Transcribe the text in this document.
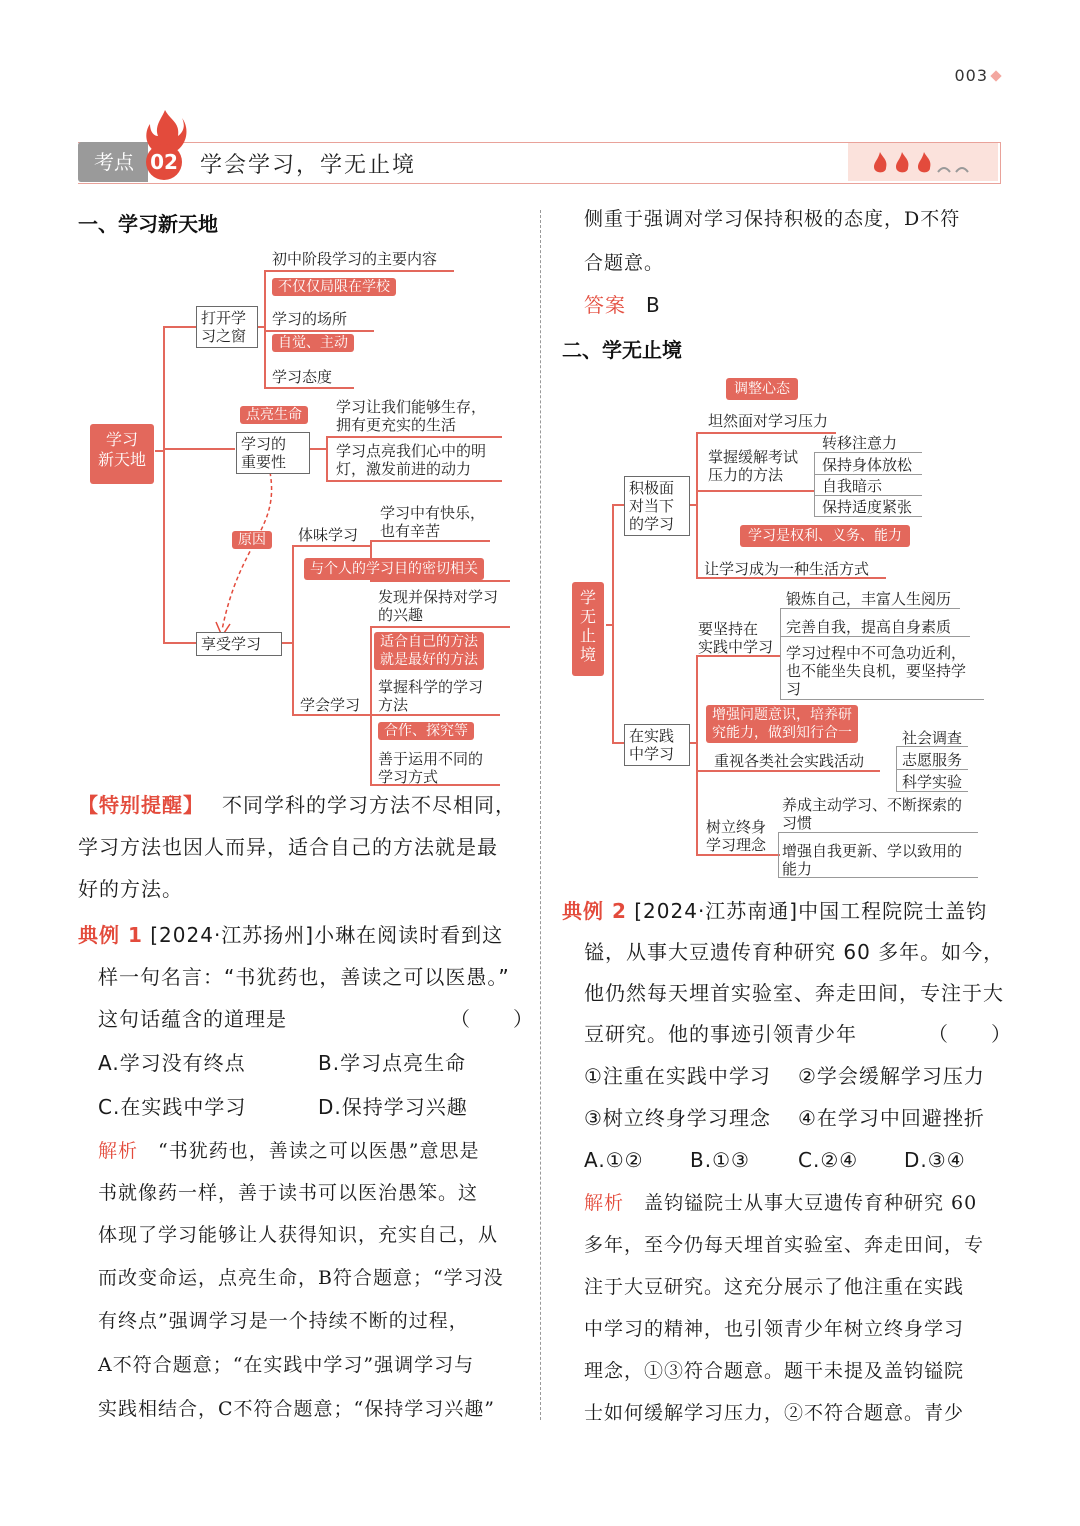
003
考点 02 学会学习，学无止境
一、学习新天地
学习
新天地
打开学
习之窗
初中阶段学习的主要内容
不仅仅局限在学校
学习的场所
自觉、主动
学习态度
点亮生命
学习的
重要性
学习让我们能够生存，
拥有更充实的生活
学习点亮我们心中的明
灯，激发前进的动力
原因
享受学习
体味学习
学习中有快乐，
也有辛苦
与个人的学习目的密切相关
发现并保持对学习
的兴趣
学会学习
适合自己的方法
就是最好的方法
掌握科学的学习
方法
合作、探究等
善于运用不同的
学习方式
【特别提醒】 不同学科的学习方法不尽相同，
学习方法也因人而异，适合自己的方法就是最
好的方法。
典例 1 [2024·江苏扬州]小琳在阅读时看到这
样一句名言：“书犹药也，善读之可以医愚。”
这句话蕴含的道理是	（　　）
A.学习没有终点	B.学习点亮生命
C.在实践中学习	D.保持学习兴趣
解析 “书犹药也，善读之可以医愚”意思是
书就像药一样，善于读书可以医治愚笨。这
体现了学习能够让人获得知识，充实自己，从
而改变命运，点亮生命，B符合题意；“学习没
有终点”强调学习是一个持续不断的过程，
A不符合题意；“在实践中学习”强调学习与
实践相结合，C不符合题意；“保持学习兴趣”
侧重于强调对学习保持积极的态度，D不符
合题意。
答案 B
二、学无止境
学
无
止
境
积极面
对当下
的学习
调整心态
坦然面对学习压力
掌握缓解考试
压力的方法
转移注意力
保持身体放松
自我暗示
保持适度紧张
学习是权利、义务、能力
让学习成为一种生活方式
要坚持在
实践中学习
锻炼自己，丰富人生阅历
完善自我，提高自身素质
学习过程中不可急功近利，
也不能坐失良机，要坚持学
习
在实践
中学习
增强问题意识，培养研
究能力，做到知行合一
重视各类社会实践活动
社会调查
志愿服务
科学实验
树立终身
学习理念
养成主动学习、不断探索的
习惯
增强自我更新、学以致用的
能力
典例 2 [2024·江苏南通]中国工程院院士盖钧
镒，从事大豆遗传育种研究 60 多年。如今，
他仍然每天埋首实验室、奔走田间，专注于大
豆研究。他的事迹引领青少年	（　　）
①注重在实践中学习 ②学会缓解学习压力
③树立终身学习理念 ④在学习中回避挫折
A.①② B.①③ C.②④ D.③④
解析 盖钧镒院士从事大豆遗传育种研究 60
多年，至今仍每天埋首实验室、奔走田间，专
注于大豆研究。这充分展示了他注重在实践
中学习的精神，也引领青少年树立终身学习
理念，①③符合题意。题干未提及盖钧镒院
士如何缓解学习压力，②不符合题意。青少
